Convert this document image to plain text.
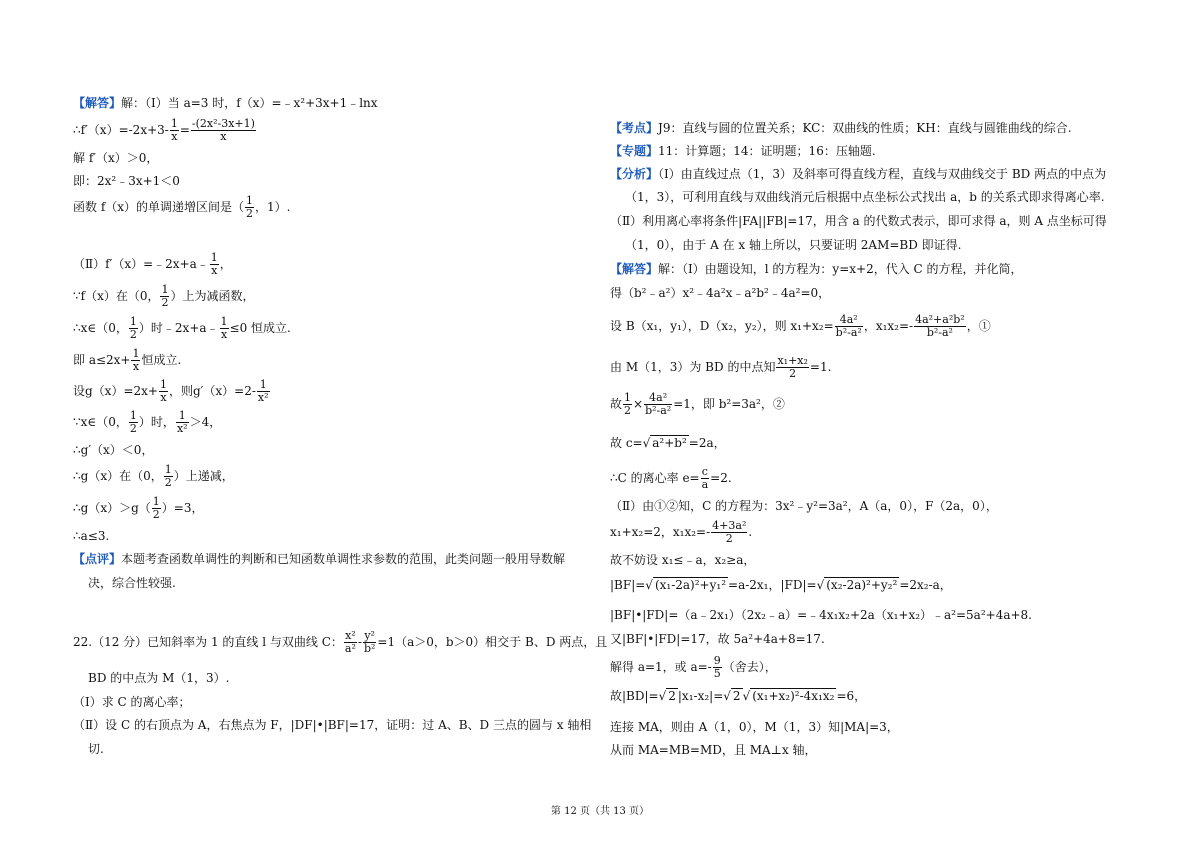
【解答】解：（Ⅰ）当 a=3 时，f（x）=﹣x²+3x+1﹣lnx
∴f′（x）=-2x+3- $\frac{1}{x} = \frac{\text{-(2x²-3x+1)}}{x}$
解 f′（x）＞0，
即：2x²﹣3x+1＜0
函数 f（x）的单调递增区间是（ $\frac{1}{2}$ ，1）.
（Ⅱ）f′（x）=﹣2x+a﹣ $\frac{1}{x}$ ，
∵f（x）在（0， $\frac{1}{2}$ ）上为减函数，
∴x∈（0， $\frac{1}{2}$ ）时﹣2x+a﹣ $\frac{1}{x} \le 0$ 恒成立.
即 $a\le 2x+ \frac{1}{x}$ 恒成立.
设$g(x)=2x+ \frac{1}{x}$ ，则$g'(x)=2- \frac{1}{\text{x²}}$
∵x∈（0， $\frac{1}{2}$ ）时， $\frac{1}{\text{x²}} >4$，
∴g′（x）＜0，
∴g（x）在（0， $\frac{1}{2}$ ）上递减，
∴g（x）＞g（ $\frac{1}{2} )=3$，
∴a≤3.
【点评】本题考查函数单调性的判断和已知函数单调性求参数的范围，此类问题一般用导数解
决，综合性较强.
22.（12 分）已知斜率为 1 的直线 l 与双曲线 C： $\frac{\text{x²}}{\text{a²}} - \frac{\text{y²}}{\text{b²}} =1(a>0$，b＞0）相交于 B、D 两点，且
BD 的中点为 M（1，3）.
（Ⅰ）求 C 的离心率；
（Ⅱ）设 C 的右顶点为 A，右焦点为 F，|DF|•|BF|=17，证明：过 A、B、D 三点的圆与 x 轴相
切.
【考点】J9：直线与圆的位置关系；KC：双曲线的性质；KH：直线与圆锥曲线的综合.
【专题】11：计算题；14：证明题；16：压轴题.
【分析】（Ⅰ）由直线过点（1，3）及斜率可得直线方程，直线与双曲线交于 BD 两点的中点为
（1，3），可利用直线与双曲线消元后根据中点坐标公式找出 a，b 的关系式即求得离心率.
（Ⅱ）利用离心率将条件|FA||FB|=17，用含 a 的代数式表示，即可求得 a，则 A 点坐标可得
（1，0），由于 A 在 x 轴上所以，只要证明 2AM=BD 即证得.
【解答】解：（Ⅰ）由题设知，l 的方程为：y=x+2，代入 C 的方程，并化简，
得（b²﹣a²）x²﹣4a²x﹣a²b²﹣4a²=0，
设 B（x₁，y₁），D（x₂，y₂），则 $x_1+x_2= \frac{\text{4a²}}{\text{b²-a²}}$ ，$x_1x_2=- \frac{\text{4a²+a²b²}}{\text{b²-a²}}$ ，①
由 M（1，3）为 BD 的中点知 $\frac{\text{x₁+x₂}}{2} =1$.
故 $\frac{1}{2} \times \frac{\text{4a²}}{\text{b²-a²}} =1$，即 b²=3a²，②
故 c=√ a²+b² =2a，
∴C 的离心率 $e= \frac{c}{a} =2$.
（Ⅱ）由①②知，C 的方程为：3x²﹣y²=3a²，A（a，0），F（2a，0），
x₁+x₂=2，$x_1x_2=- \frac{\text{4+3a²}}{2}$ .
故不妨设 x₁≤﹣a，x₂≥a，
|BF|=√ (x₁-2a)²+y₁² =a-2x₁，|FD|=√ (x₂-2a)²+y₂² =2x₂-a，
|BF|•|FD|=（a﹣2x₁）（2x₂﹣a）=﹣4x₁x₂+2a（x₁+x₂）﹣a²=5a²+4a+8.
又|BF|•|FD|=17，故 5a²+4a+8=17.
解得 a=1，或 $a=- \frac{9}{5}$ （舍去），
故|BD|=√ 2 |x₁-x₂|=√ 2 √ (x₁+x₂)²-4x₁x₂ =6，
连接 MA，则由 A（1，0），M（1，3）知|MA|=3，
从而 MA=MB=MD，且 MA⊥x 轴，
第 12 页（共 13 页）
